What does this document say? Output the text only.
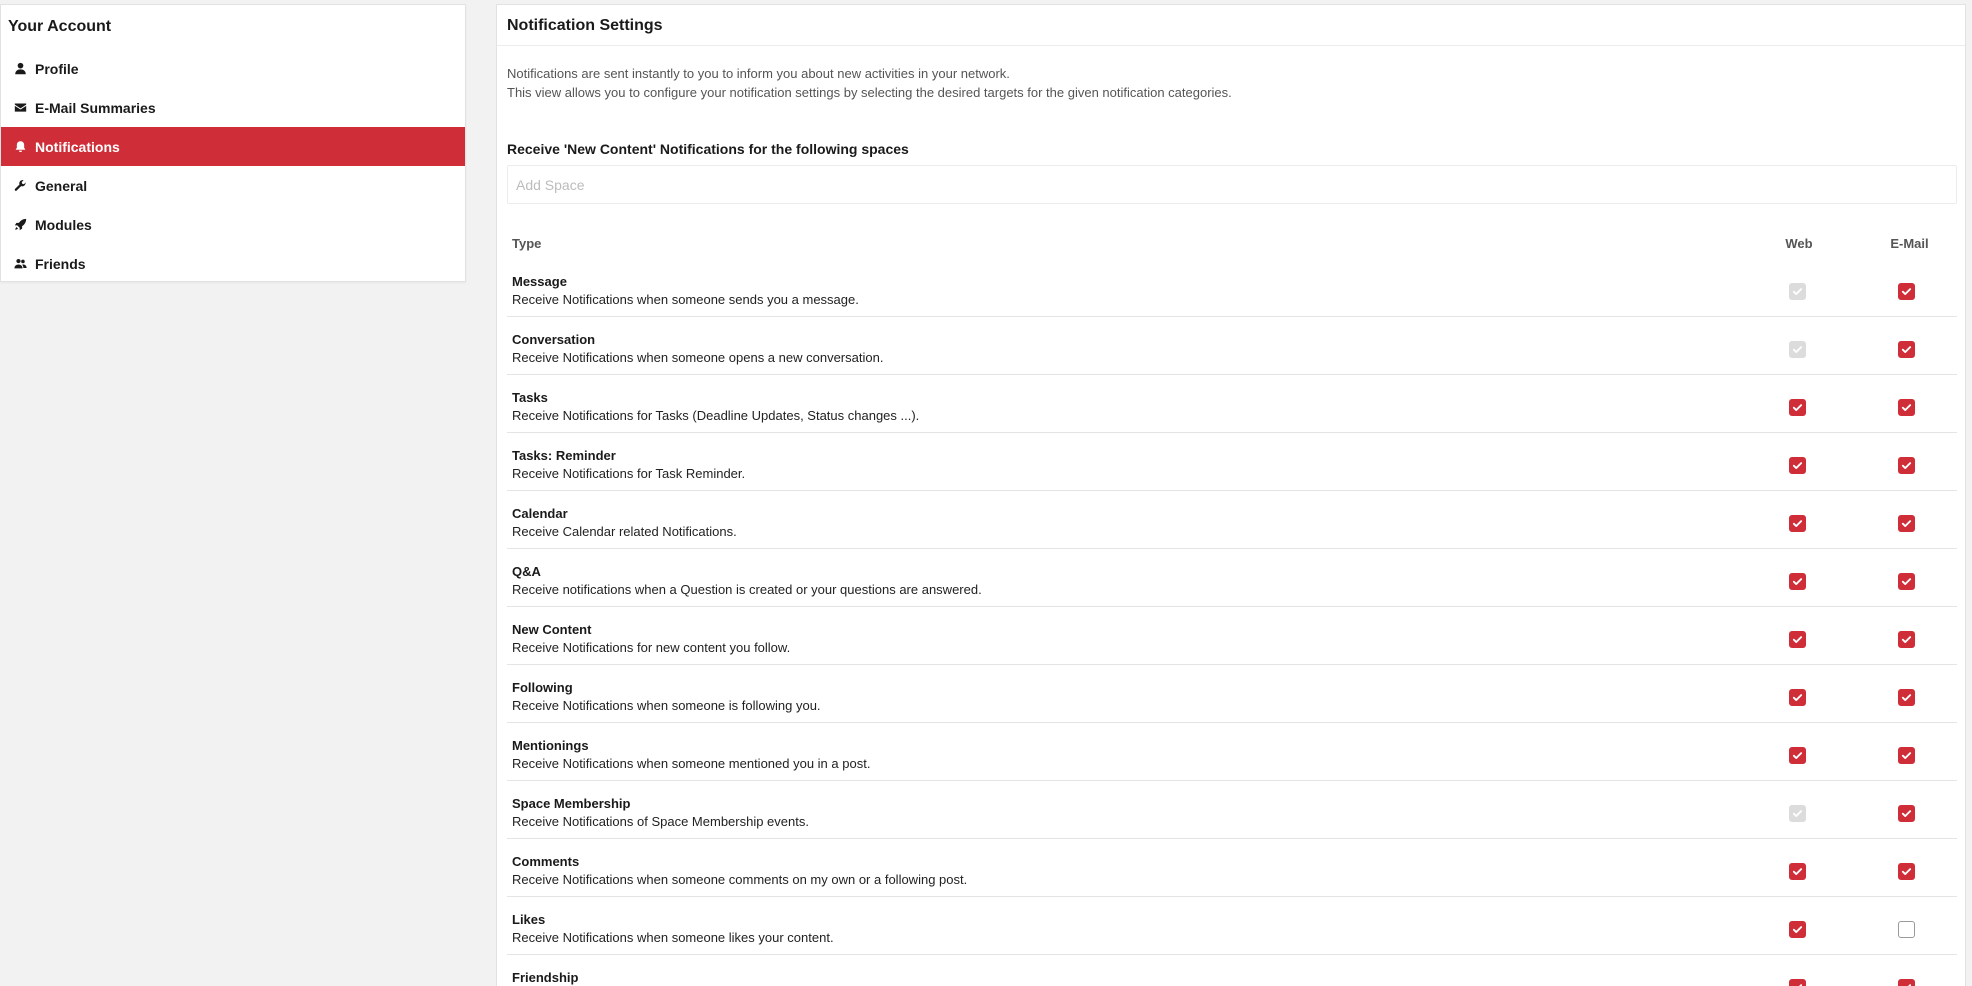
Your Account
Profile
E-Mail Summaries
Notifications
General
Modules
Friends
Notification Settings
Notifications are sent instantly to you to inform you about new activities in your network.
This view allows you to configure your notification settings by selecting the desired targets for the given notification categories.
Receive 'New Content' Notifications for the following spaces
Add Space
Type	Web	E-Mail
Message
Receive Notifications when someone sends you a message.
Conversation
Receive Notifications when someone opens a new conversation.
Tasks
Receive Notifications for Tasks (Deadline Updates, Status changes ...).
Tasks: Reminder
Receive Notifications for Task Reminder.
Calendar
Receive Calendar related Notifications.
Q&A
Receive notifications when a Question is created or your questions are answered.
New Content
Receive Notifications for new content you follow.
Following
Receive Notifications when someone is following you.
Mentionings
Receive Notifications when someone mentioned you in a post.
Space Membership
Receive Notifications of Space Membership events.
Comments
Receive Notifications when someone comments on my own or a following post.
Likes
Receive Notifications when someone likes your content.
Friendship
